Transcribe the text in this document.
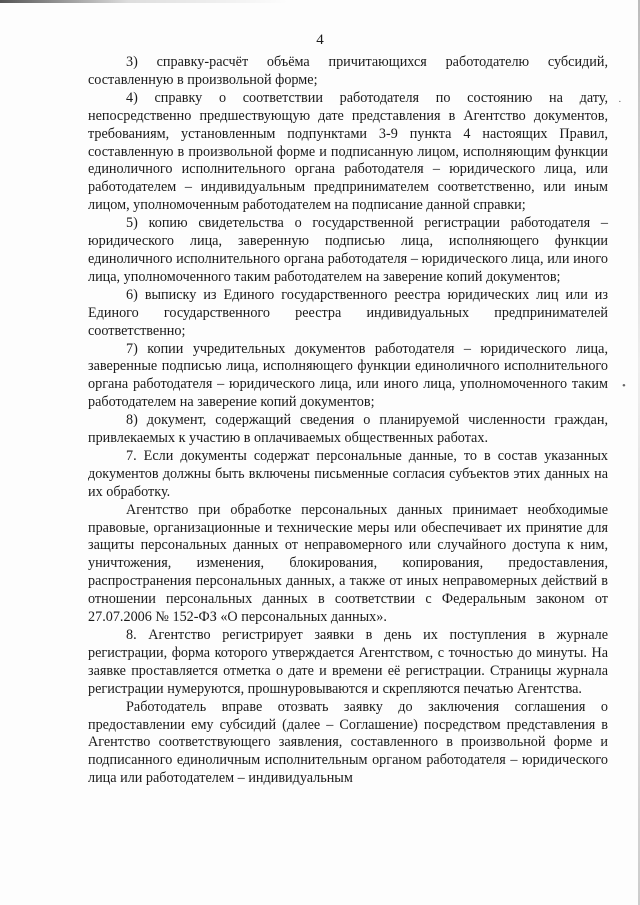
4

3) справку-расчёт объёма причитающихся работодателю субсидий, составленную в произвольной форме;

4) справку о соответствии работодателя по состоянию на дату, непосредственно предшествующую дате представления в Агентство документов, требованиям, установленным подпунктами 3-9 пункта 4 настоящих Правил, составленную в произвольной форме и подписанную лицом, исполняющим функции единоличного исполнительного органа работодателя – юридического лица, или работодателем – индивидуальным предпринимателем соответственно, или иным лицом, уполномоченным работодателем на подписание данной справки;

5) копию свидетельства о государственной регистрации работодателя – юридического лица, заверенную подписью лица, исполняющего функции единоличного исполнительного органа работодателя – юридического лица, или иного лица, уполномоченного таким работодателем на заверение копий документов;

6) выписку из Единого государственного реестра юридических лиц или из Единого государственного реестра индивидуальных предпринимателей соответственно;

7) копии учредительных документов работодателя – юридического лица, заверенные подписью лица, исполняющего функции единоличного исполнительного органа работодателя – юридического лица, или иного лица, уполномоченного таким работодателем на заверение копий документов;

8) документ, содержащий сведения о планируемой численности граждан, привлекаемых к участию в оплачиваемых общественных работах.

7. Если документы содержат персональные данные, то в состав указанных документов должны быть включены письменные согласия субъектов этих данных на их обработку.

Агентство при обработке персональных данных принимает необходимые правовые, организационные и технические меры или обеспечивает их принятие для защиты персональных данных от неправомерного или случайного доступа к ним, уничтожения, изменения, блокирования, копирования, предоставления, распространения персональных данных, а также от иных неправомерных действий в отношении персональных данных в соответствии с Федеральным законом от 27.07.2006 № 152-ФЗ «О персональных данных».

8. Агентство регистрирует заявки в день их поступления в журнале регистрации, форма которого утверждается Агентством, с точностью до минуты. На заявке проставляется отметка о дате и времени её регистрации. Страницы журнала регистрации нумеруются, прошнуровываются и скрепляются печатью Агентства.

Работодатель вправе отозвать заявку до заключения соглашения о предоставлении ему субсидий (далее – Соглашение) посредством представления в Агентство соответствующего заявления, составленного в произвольной форме и подписанного единоличным исполнительным органом работодателя – юридического лица или работодателем – индивидуальным

•
·
